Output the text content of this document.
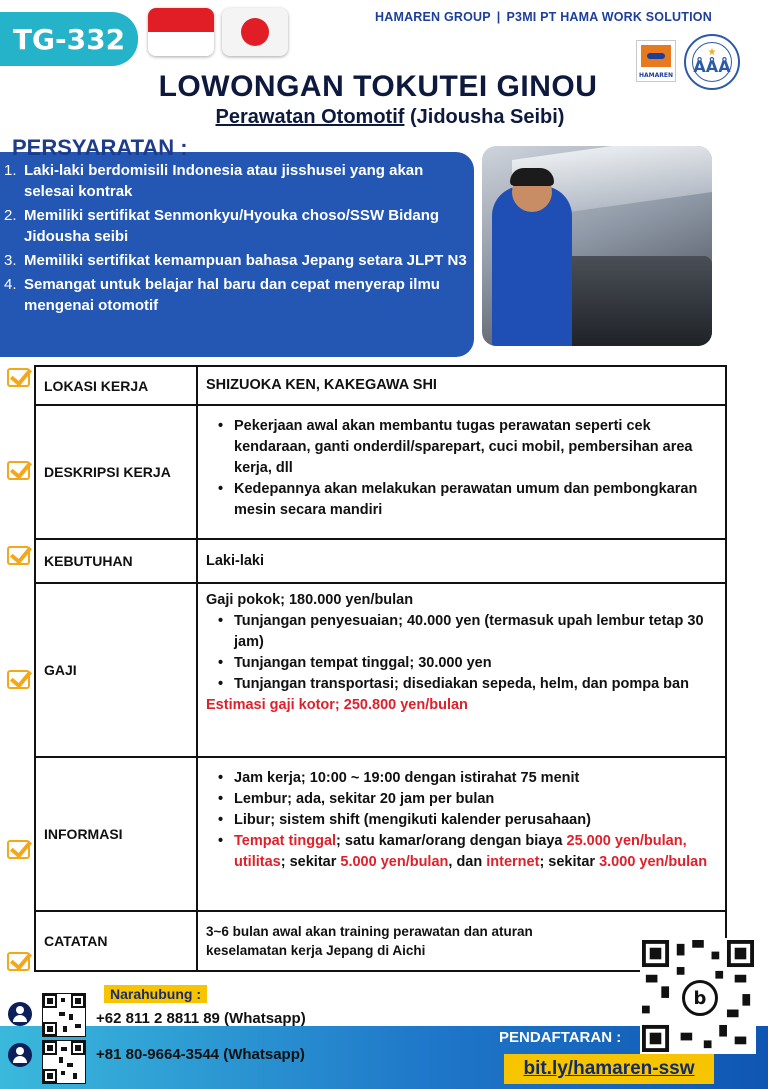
TG-332
HAMAREN GROUP | P3MI PT HAMA WORK SOLUTION
HAMAREN
★
ÅÅÅ
LOWONGAN TOKUTEI GINOU
Perawatan Otomotif (Jidousha Seibi)
PERSYARATAN :
1. Laki-laki berdomisili Indonesia atau jisshusei yang akan selesai kontrak
2. Memiliki sertifikat Senmonkyu/Hyouka choso/SSW Bidang Jidousha seibi
3. Memiliki sertifikat kemampuan bahasa Jepang setara JLPT N3
4. Semangat untuk belajar hal baru dan cepat menyerap ilmu mengenai otomotif
LOKASI KERJA	SHIZUOKA KEN, KAKEGAWA SHI
DESKRIPSI KERJA
• Pekerjaan awal akan membantu tugas perawatan seperti cek kendaraan, ganti onderdil/sparepart, cuci mobil, pembersihan area kerja, dll
• Kedepannya akan melakukan perawatan umum dan pembongkaran mesin secara mandiri
KEBUTUHAN	Laki-laki
GAJI
Gaji pokok; 180.000 yen/bulan
• Tunjangan penyesuaian; 40.000 yen (termasuk upah lembur tetap 30 jam)
• Tunjangan tempat tinggal; 30.000 yen
• Tunjangan transportasi; disediakan sepeda, helm, dan pompa ban
Estimasi gaji kotor; 250.800 yen/bulan
INFORMASI
• Jam kerja; 10:00 ~ 19:00 dengan istirahat 75 menit
• Lembur; ada, sekitar 20 jam per bulan
• Libur; sistem shift (mengikuti kalender perusahaan)
• Tempat tinggal; satu kamar/orang dengan biaya 25.000 yen/bulan, utilitas; sekitar 5.000 yen/bulan, dan internet; sekitar 3.000 yen/bulan
CATATAN
3~6 bulan awal akan training perawatan dan aturan keselamatan kerja Jepang di Aichi
Narahubung :
+62 811 2 8811 89 (Whatsapp)
+81 80-9664-3544 (Whatsapp)
b
PENDAFTARAN :
bit.ly/hamaren-ssw
